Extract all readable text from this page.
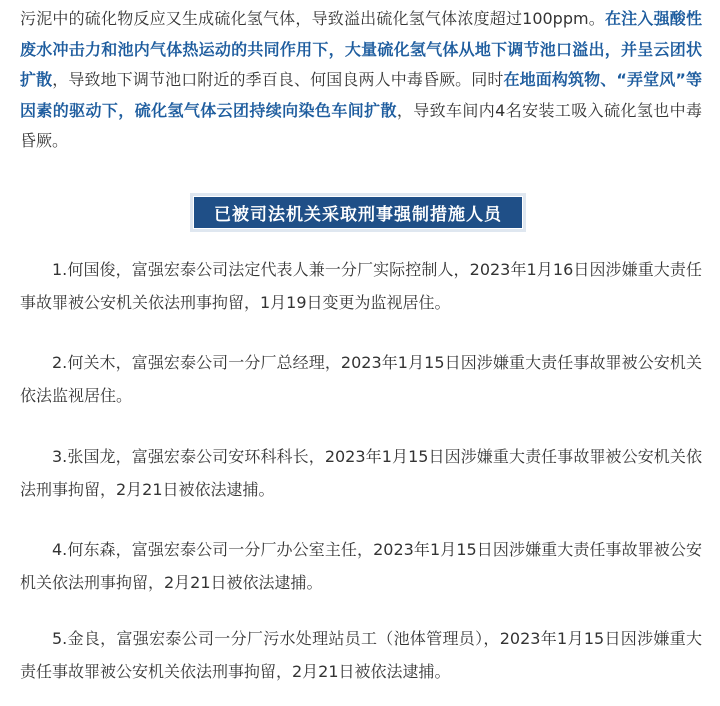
污泥中的硫化物反应又生成硫化氢气体，导致溢出硫化氢气体浓度超过100ppm。在注入强酸性废水冲击力和池内气体热运动的共同作用下，大量硫化氢气体从地下调节池口溢出，并呈云团状扩散，导致地下调节池口附近的季百良、何国良两人中毒昏厥。同时在地面构筑物、“弄堂风”等因素的驱动下，硫化氢气体云团持续向染色车间扩散，导致车间内4名安装工吸入硫化氢也中毒昏厥。

已被司法机关采取刑事强制措施人员

1.何国俊，富强宏泰公司法定代表人兼一分厂实际控制人，2023年1月16日因涉嫌重大责任事故罪被公安机关依法刑事拘留，1月19日变更为监视居住。

2.何关木，富强宏泰公司一分厂总经理，2023年1月15日因涉嫌重大责任事故罪被公安机关依法监视居住。

3.张国龙，富强宏泰公司安环科科长，2023年1月15日因涉嫌重大责任事故罪被公安机关依法刑事拘留，2月21日被依法逮捕。

4.何东森，富强宏泰公司一分厂办公室主任，2023年1月15日因涉嫌重大责任事故罪被公安机关依法刑事拘留，2月21日被依法逮捕。

5.金良，富强宏泰公司一分厂污水处理站员工（池体管理员），2023年1月15日因涉嫌重大责任事故罪被公安机关依法刑事拘留，2月21日被依法逮捕。
